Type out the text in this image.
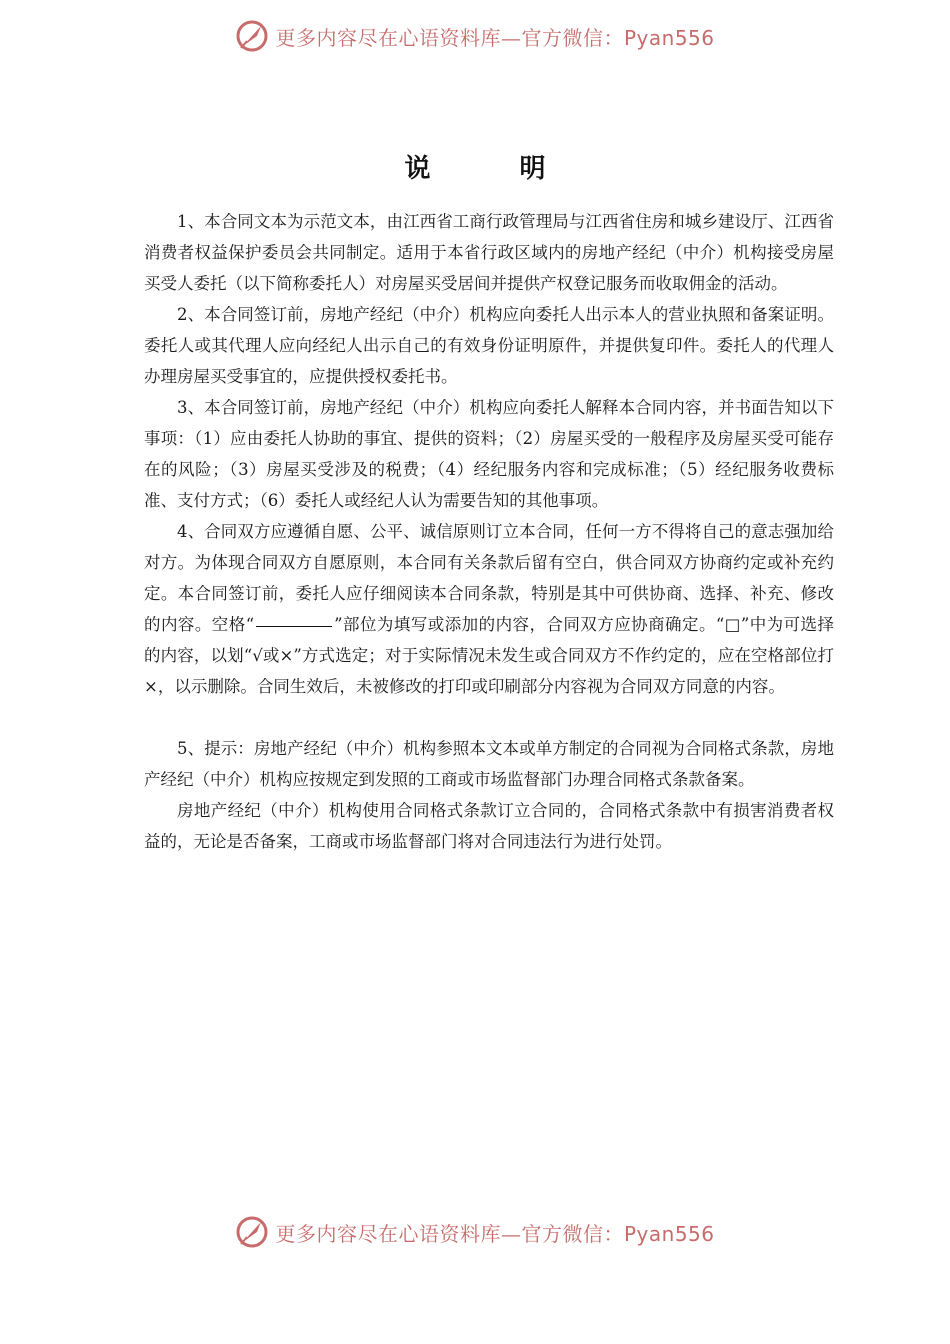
更多内容尽在心语资料库—官方微信：Pyan556
说 明

1、本合同文本为示范文本，由江西省工商行政管理局与江西省住房和城乡建设厅、江西省消费者权益保护委员会共同制定。适用于本省行政区域内的房地产经纪（中介）机构接受房屋买受人委托（以下简称委托人）对房屋买受居间并提供产权登记服务而收取佣金的活动。

2、本合同签订前，房地产经纪（中介）机构应向委托人出示本人的营业执照和备案证明。委托人或其代理人应向经纪人出示自己的有效身份证明原件，并提供复印件。委托人的代理人办理房屋买受事宜的，应提供授权委托书。

3、本合同签订前，房地产经纪（中介）机构应向委托人解释本合同内容，并书面告知以下事项：（1）应由委托人协助的事宜、提供的资料；（2）房屋买受的一般程序及房屋买受可能存在的风险；（3）房屋买受涉及的税费；（4）经纪服务内容和完成标准；（5）经纪服务收费标准、支付方式；（6）委托人或经纪人认为需要告知的其他事项。

4、合同双方应遵循自愿、公平、诚信原则订立本合同，任何一方不得将自己的意志强加给对方。为体现合同双方自愿原则，本合同有关条款后留有空白，供合同双方协商约定或补充约定。本合同签订前，委托人应仔细阅读本合同条款，特别是其中可供协商、选择、补充、修改的内容。空格“	”部位为填写或添加的内容，合同双方应协商确定。“□”中为可选择的内容，以划“√或×”方式选定；对于实际情况未发生或合同双方不作约定的，应在空格部位打×，以示删除。合同生效后，未被修改的打印或印刷部分内容视为合同双方同意的内容。

5、提示：房地产经纪（中介）机构参照本文本或单方制定的合同视为合同格式条款，房地产经纪（中介）机构应按规定到发照的工商或市场监督部门办理合同格式条款备案。

房地产经纪（中介）机构使用合同格式条款订立合同的，合同格式条款中有损害消费者权益的，无论是否备案，工商或市场监督部门将对合同违法行为进行处罚。

更多内容尽在心语资料库—官方微信：Pyan556
